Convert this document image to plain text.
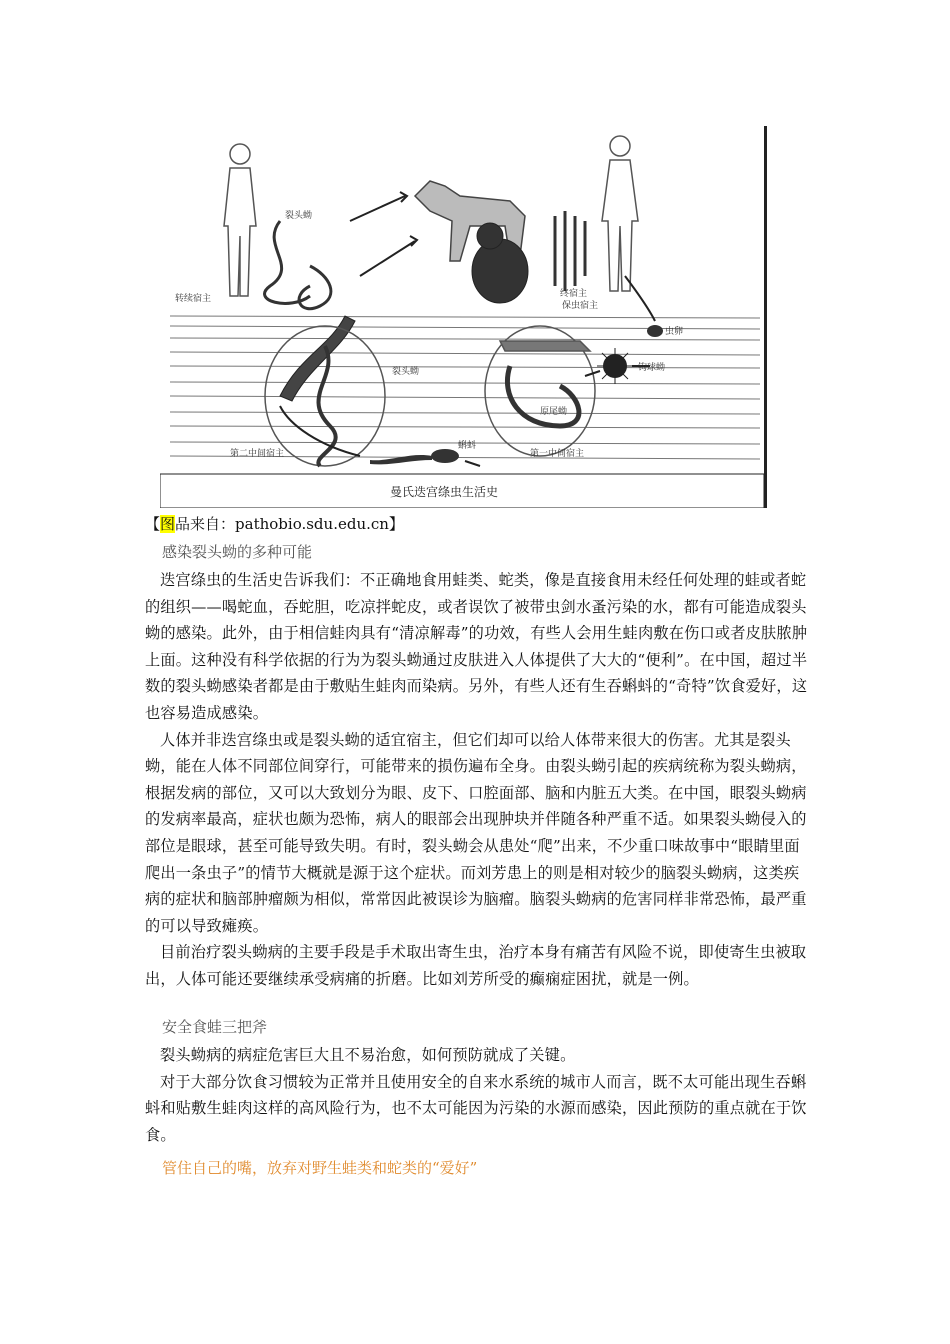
裂头蚴
转续宿主	终宿主
保虫宿主
虫卵
钩球蚴
裂头蚴
原尾蚴
蝌蚪
第二中间宿主	第一中间宿主
曼氏迭宫绦虫生活史
【图品来自：pathobio.sdu.edu.cn】
感染裂头蚴的多种可能

迭宫绦虫的生活史告诉我们：不正确地食用蛙类、蛇类，像是直接食用未经任何处理的蛙或者蛇的组织——喝蛇血，吞蛇胆，吃凉拌蛇皮，或者误饮了被带虫剑水蚤污染的水，都有可能造成裂头蚴的感染。此外，由于相信蛙肉具有“清凉解毒”的功效，有些人会用生蛙肉敷在伤口或者皮肤脓肿上面。这种没有科学依据的行为为裂头蚴通过皮肤进入人体提供了大大的“便利”。在中国，超过半数的裂头蚴感染者都是由于敷贴生蛙肉而染病。另外，有些人还有生吞蝌蚪的“奇特”饮食爱好，这也容易造成感染。

人体并非迭宫绦虫或是裂头蚴的适宜宿主，但它们却可以给人体带来很大的伤害。尤其是裂头蚴，能在人体不同部位间穿行，可能带来的损伤遍布全身。由裂头蚴引起的疾病统称为裂头蚴病，根据发病的部位，又可以大致划分为眼、皮下、口腔面部、脑和内脏五大类。在中国，眼裂头蚴病的发病率最高，症状也颇为恐怖，病人的眼部会出现肿块并伴随各种严重不适。如果裂头蚴侵入的部位是眼球，甚至可能导致失明。有时，裂头蚴会从患处“爬”出来，不少重口味故事中“眼睛里面爬出一条虫子”的情节大概就是源于这个症状。而刘芳患上的则是相对较少的脑裂头蚴病，这类疾病的症状和脑部肿瘤颇为相似，常常因此被误诊为脑瘤。脑裂头蚴病的危害同样非常恐怖，最严重的可以导致瘫痪。

目前治疗裂头蚴病的主要手段是手术取出寄生虫，治疗本身有痛苦有风险不说，即使寄生虫被取出，人体可能还要继续承受病痛的折磨。比如刘芳所受的癫痫症困扰，就是一例。

安全食蛙三把斧

裂头蚴病的病症危害巨大且不易治愈，如何预防就成了关键。

对于大部分饮食习惯较为正常并且使用安全的自来水系统的城市人而言，既不太可能出现生吞蝌蚪和贴敷生蛙肉这样的高风险行为，也不太可能因为污染的水源而感染，因此预防的重点就在于饮食。

管住自己的嘴，放弃对野生蛙类和蛇类的“爱好”
